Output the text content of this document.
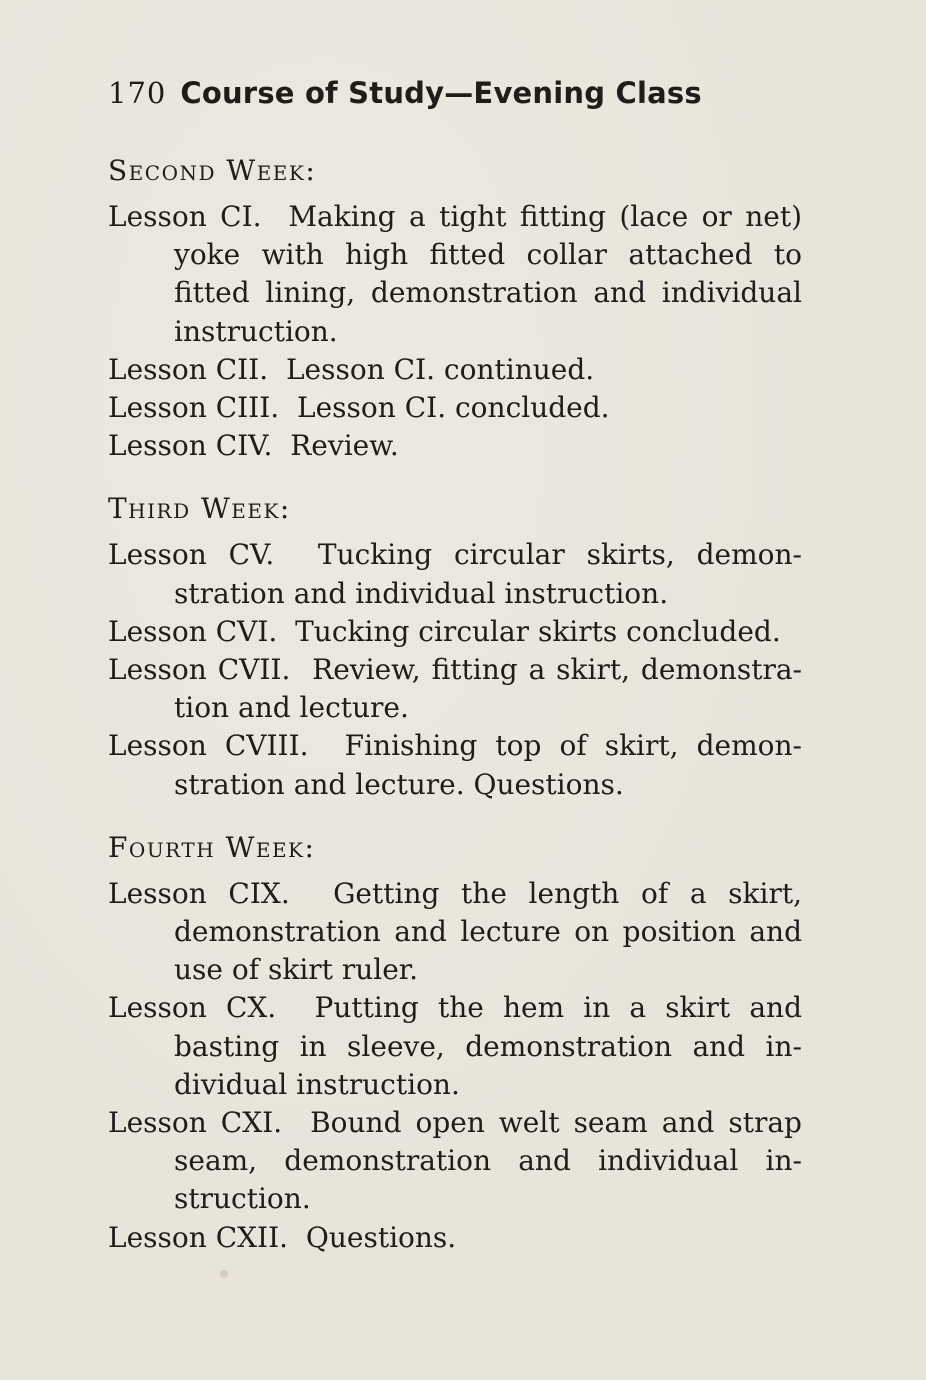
170 Course of Study—Evening Class
Second Week:

Lesson CI. Making a tight fitting (lace or net) yoke with high fitted collar attached to fitted lining, demonstration and individual instruction.

Lesson CII. Lesson CI. continued.

Lesson CIII. Lesson CI. concluded.

Lesson CIV. Review.

Third Week:

Lesson CV. Tucking circular skirts, demonstration and individual instruction.

Lesson CVI. Tucking circular skirts concluded.

Lesson CVII. Review, fitting a skirt, demonstration and lecture.

Lesson CVIII. Finishing top of skirt, demonstration and lecture. Questions.

Fourth Week:

Lesson CIX. Getting the length of a skirt, demonstration and lecture on position and use of skirt ruler.

Lesson CX. Putting the hem in a skirt and basting in sleeve, demonstration and individual instruction.

Lesson CXI. Bound open welt seam and strap seam, demonstration and individual instruction.

Lesson CXII. Questions.
